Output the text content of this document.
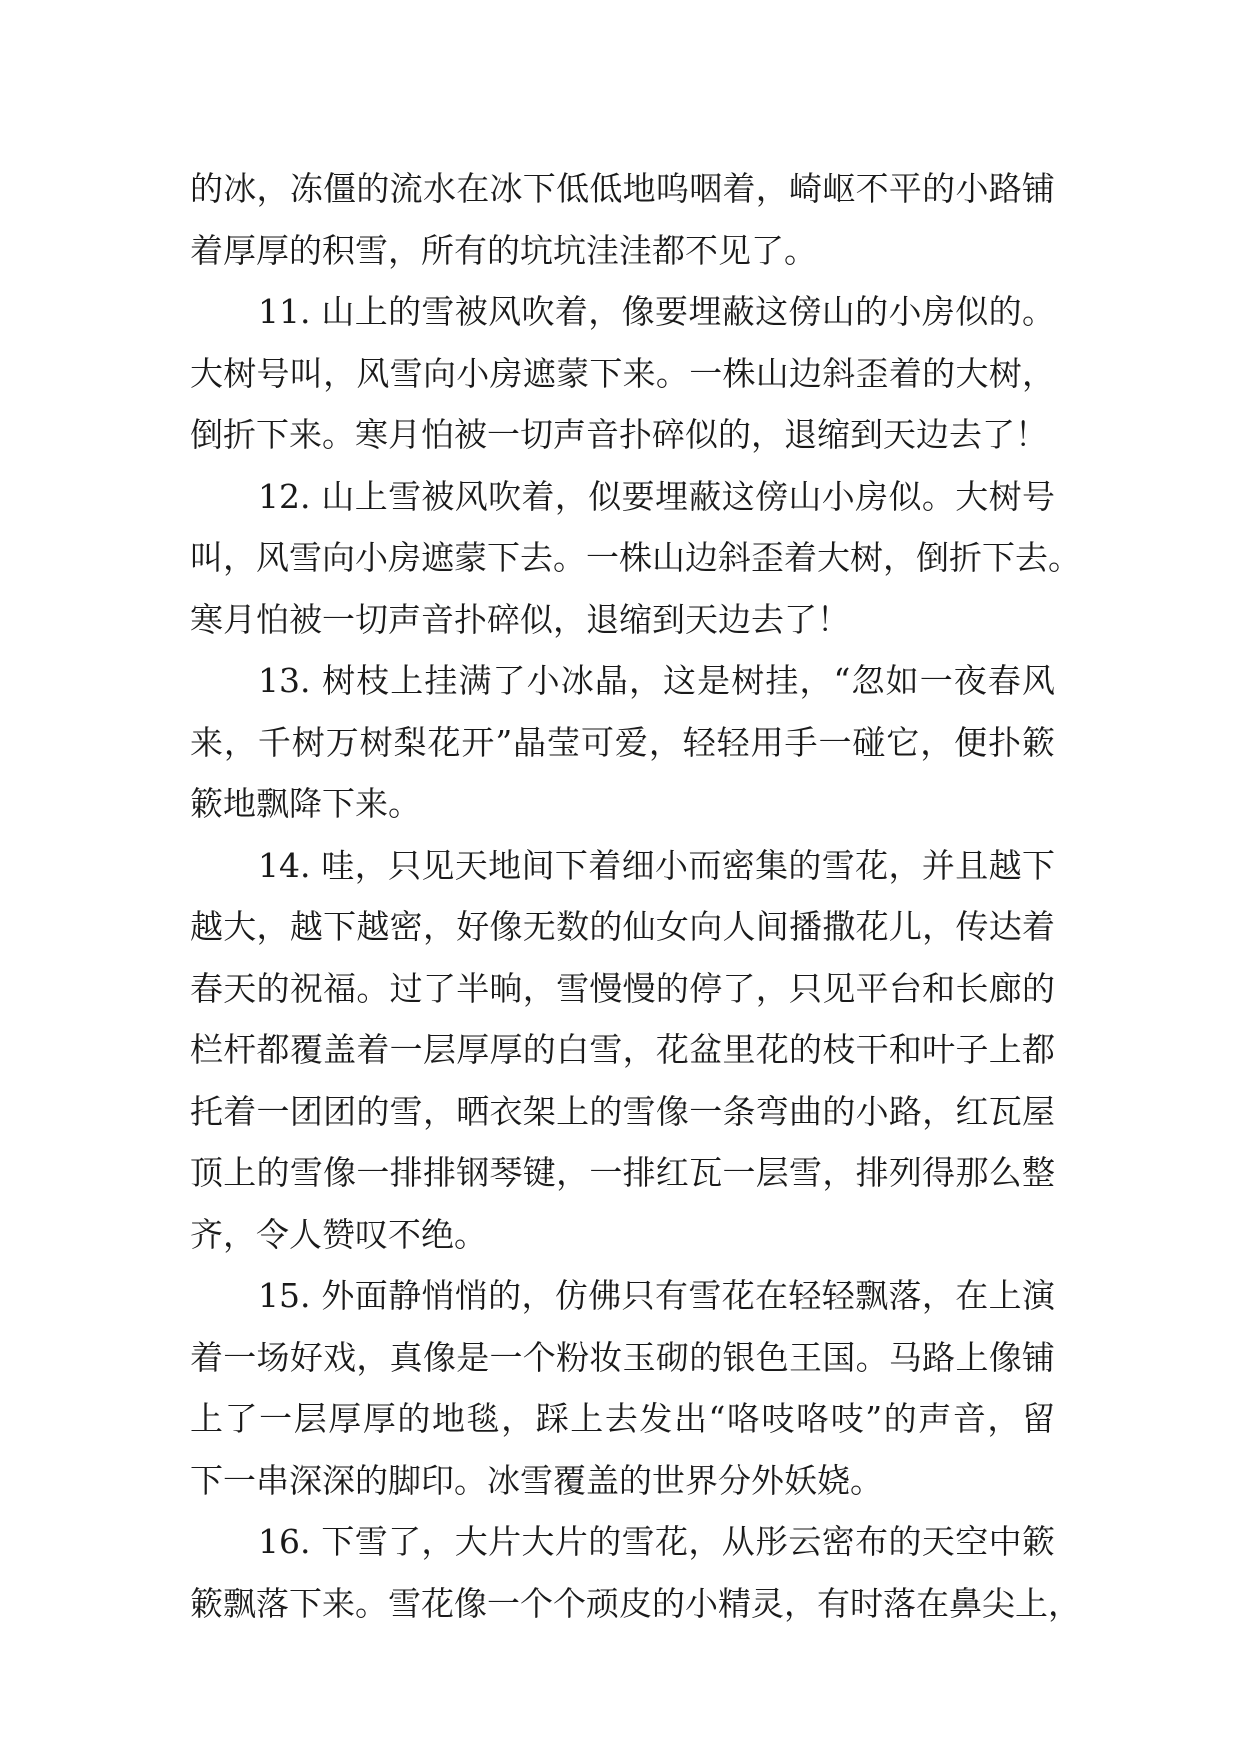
的冰，冻僵的流水在冰下低低地呜咽着，崎岖不平的小路铺
着厚厚的积雪，所有的坑坑洼洼都不见了。
11. 山上的雪被风吹着，像要埋蔽这傍山的小房似的。
大树号叫，风雪向小房遮蒙下来。一株山边斜歪着的大树，
倒折下来。寒月怕被一切声音扑碎似的，退缩到天边去了！
12. 山上雪被风吹着，似要埋蔽这傍山小房似。大树号
叫，风雪向小房遮蒙下去。一株山边斜歪着大树，倒折下去。
寒月怕被一切声音扑碎似，退缩到天边去了！
13. 树枝上挂满了小冰晶，这是树挂，“忽如一夜春风
来，千树万树梨花开”晶莹可爱，轻轻用手一碰它，便扑簌
簌地飘降下来。
14. 哇，只见天地间下着细小而密集的雪花，并且越下
越大，越下越密，好像无数的仙女向人间播撒花儿，传达着
春天的祝福。过了半晌，雪慢慢的停了，只见平台和长廊的
栏杆都覆盖着一层厚厚的白雪，花盆里花的枝干和叶子上都
托着一团团的雪，晒衣架上的雪像一条弯曲的小路，红瓦屋
顶上的雪像一排排钢琴键，一排红瓦一层雪，排列得那么整
齐，令人赞叹不绝。
15. 外面静悄悄的，仿佛只有雪花在轻轻飘落，在上演
着一场好戏，真像是一个粉妆玉砌的银色王国。马路上像铺
上了一层厚厚的地毯，踩上去发出“咯吱咯吱”的声音，留
下一串深深的脚印。冰雪覆盖的世界分外妖娆。
16. 下雪了，大片大片的雪花，从彤云密布的天空中簌
簌飘落下来。雪花像一个个顽皮的小精灵，有时落在鼻尖上，
